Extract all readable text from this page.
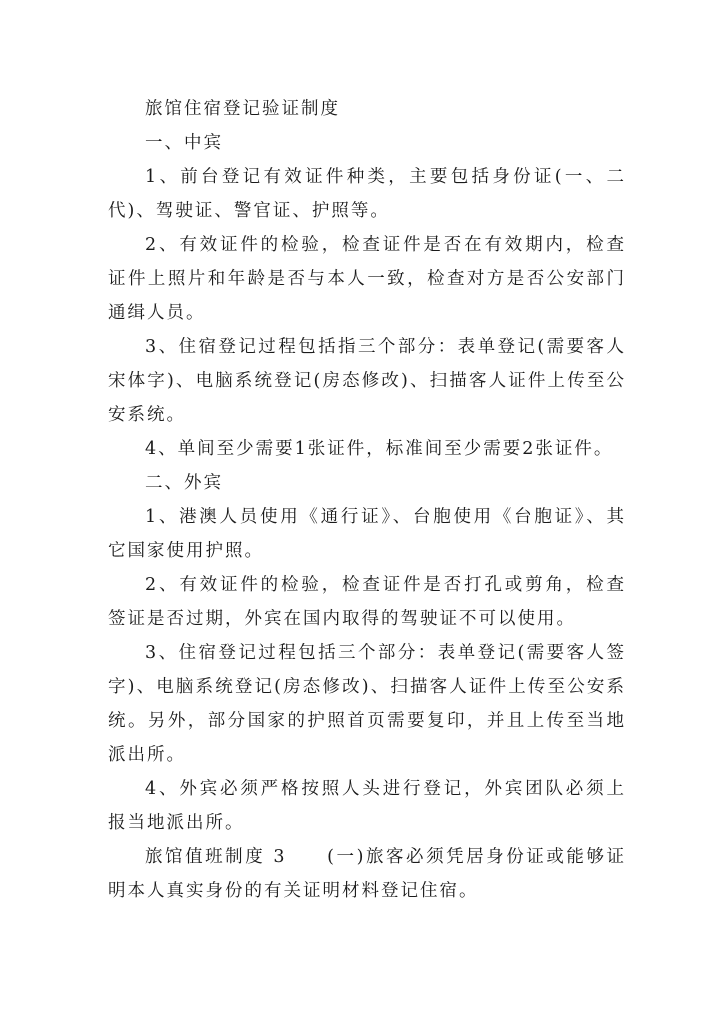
旅馆住宿登记验证制度

一、中宾

1、前台登记有效证件种类，主要包括身份证(一、二代)、驾驶证、警官证、护照等。

2、有效证件的检验，检查证件是否在有效期内，检查证件上照片和年龄是否与本人一致，检查对方是否公安部门通缉人员。

3、住宿登记过程包括指三个部分：表单登记(需要客人宋体字)、电脑系统登记(房态修改)、扫描客人证件上传至公安系统。

4、单间至少需要1张证件，标准间至少需要2张证件。

二、外宾

1、港澳人员使用《通行证》、台胞使用《台胞证》、其它国家使用护照。

2、有效证件的检验，检查证件是否打孔或剪角，检查签证是否过期，外宾在国内取得的驾驶证不可以使用。

3、住宿登记过程包括三个部分：表单登记(需要客人签字)、电脑系统登记(房态修改)、扫描客人证件上传至公安系统。另外，部分国家的护照首页需要复印，并且上传至当地派出所。

4、外宾必须严格按照人头进行登记，外宾团队必须上报当地派出所。

旅馆值班制度 3　　(一)旅客必须凭居身份证或能够证明本人真实身份的有关证明材料登记住宿。
